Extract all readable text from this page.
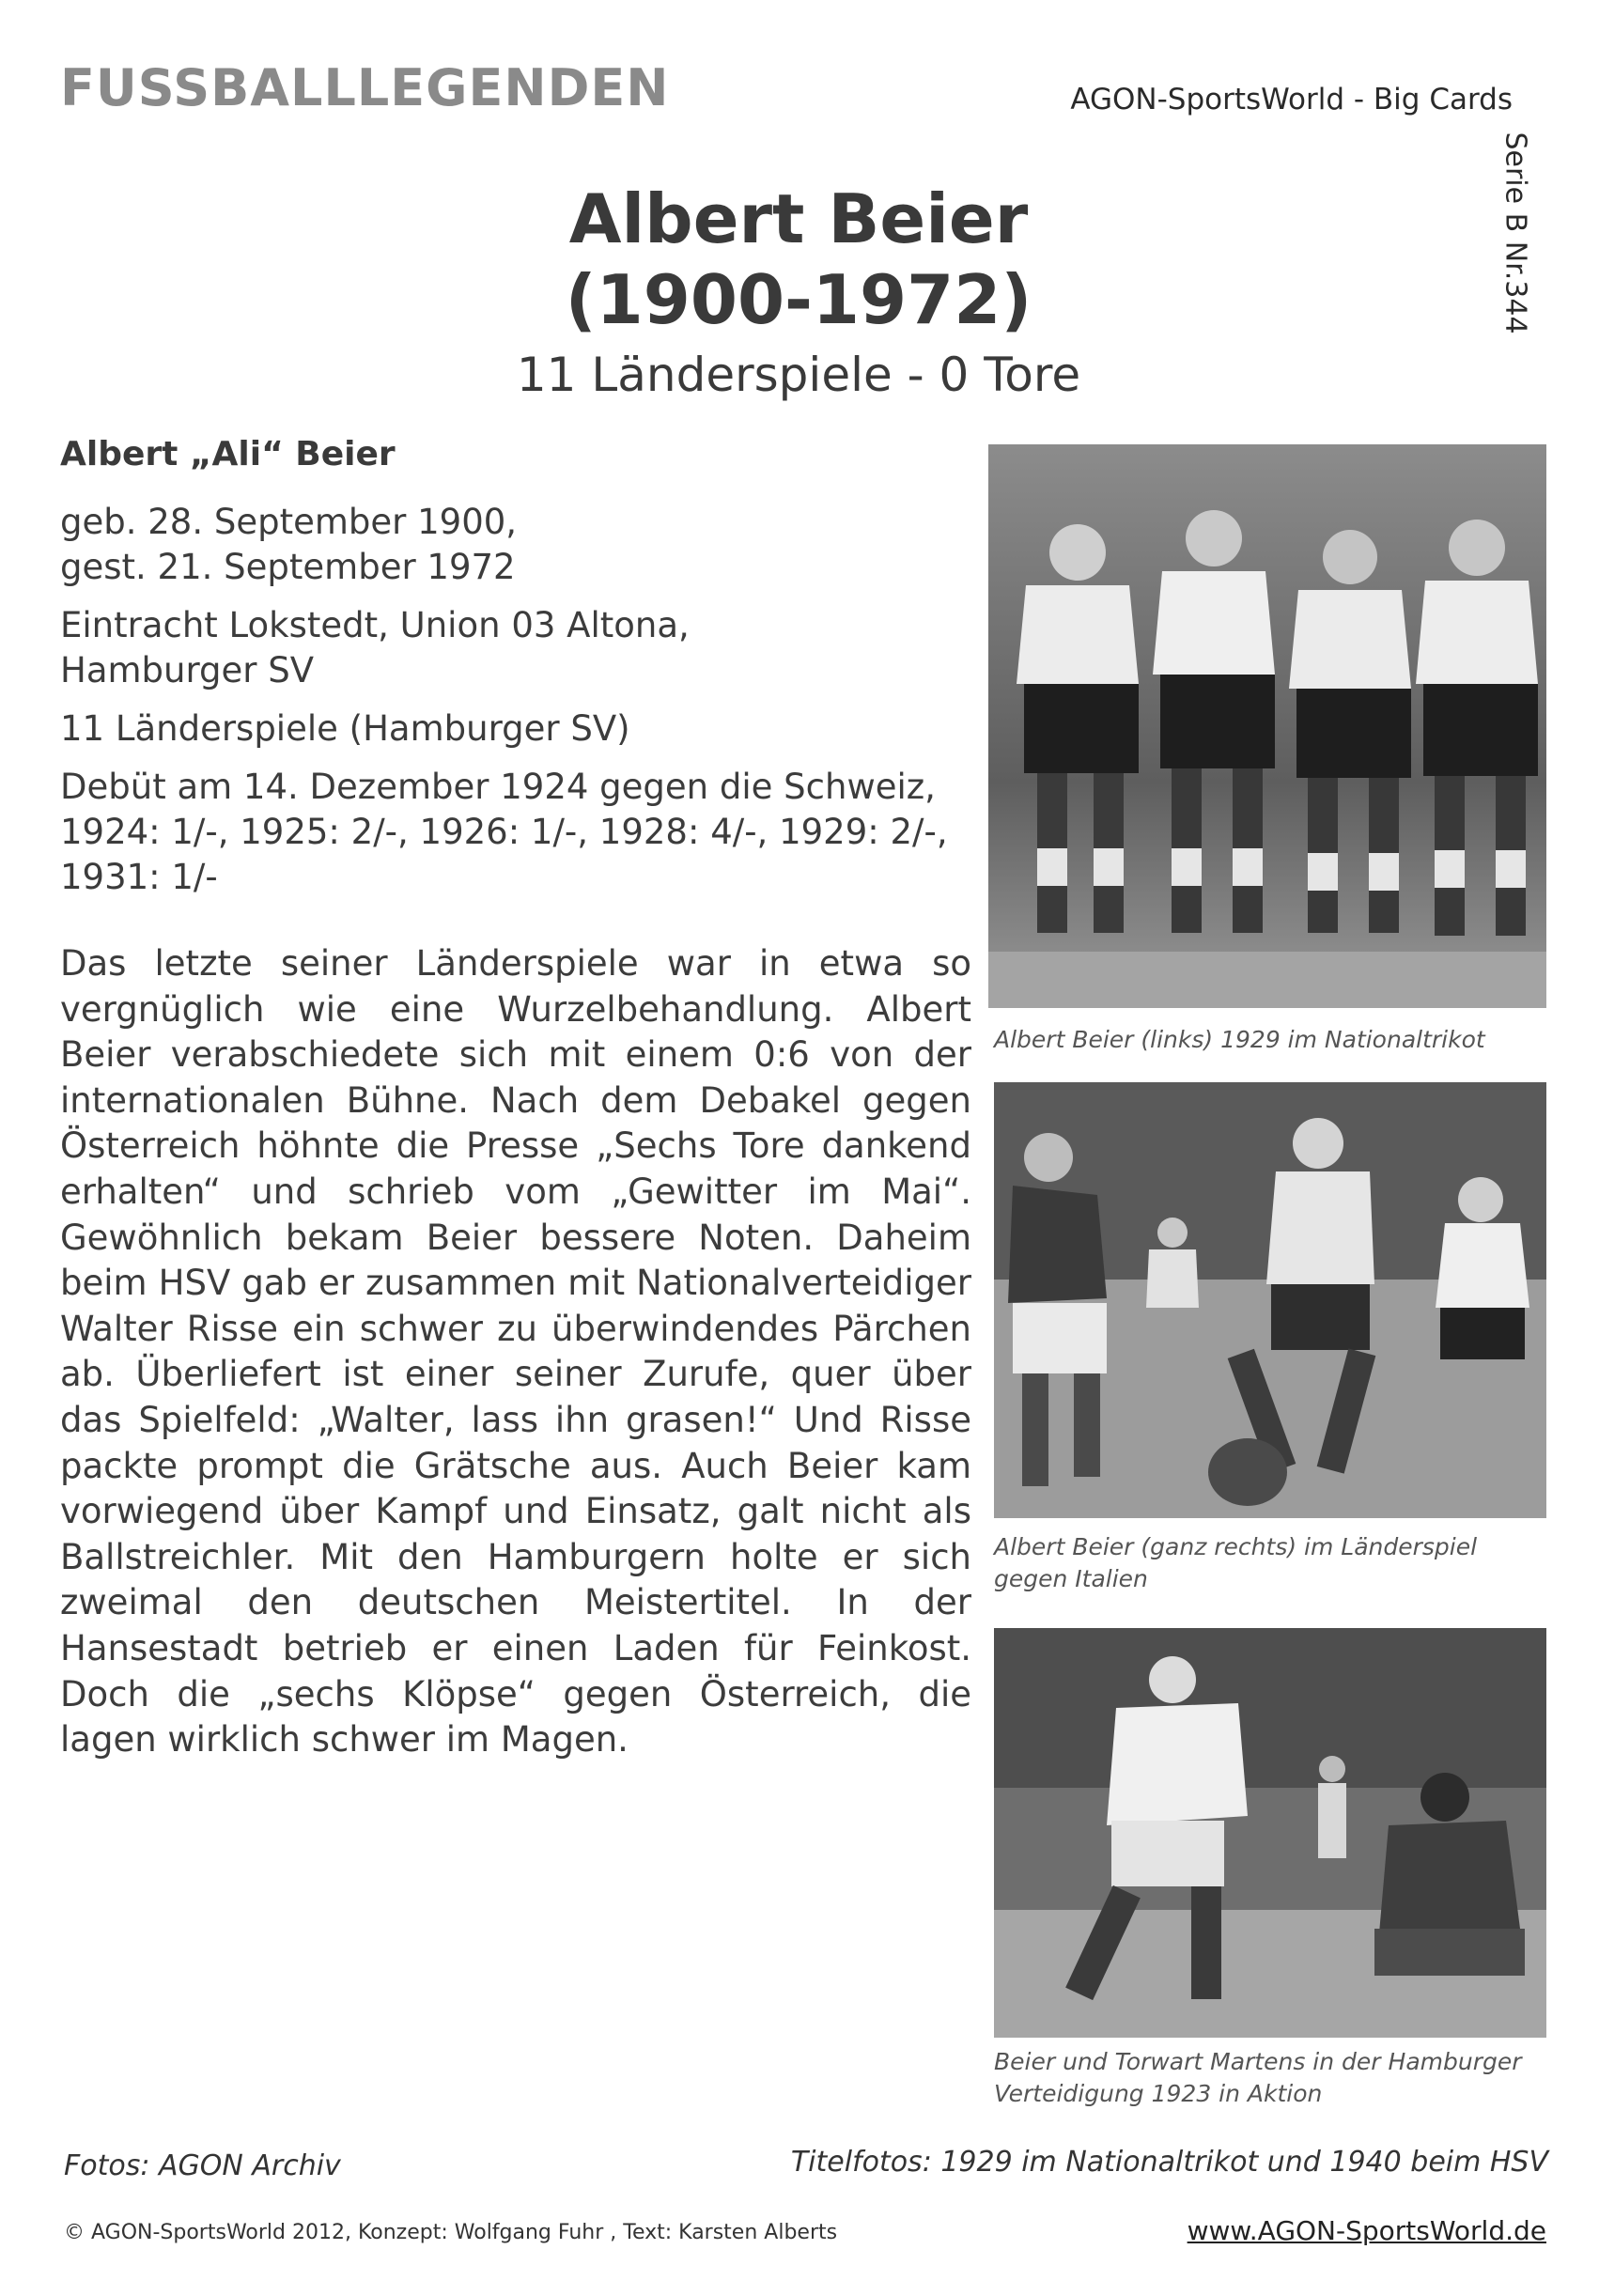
FUSSBALLLEGENDEN	AGON-SportsWorld - Big Cards
Serie B Nr.344
Albert Beier
(1900-1972)
11 Länderspiele - 0 Tore
Albert „Ali“ Beier
geb. 28. September 1900,
gest. 21. September 1972
Eintracht Lokstedt, Union 03 Altona,
Hamburger SV
11 Länderspiele (Hamburger SV)
Debüt am 14. Dezember 1924 gegen die Schweiz,
1924: 1/-, 1925: 2/-, 1926: 1/-, 1928: 4/-, 1929: 2/-,
1931: 1/-
Das letzte seiner Länderspiele war in etwa so vergnüglich wie eine Wurzelbehandlung. Albert Beier verabschiedete sich mit einem 0:6 von der internationalen Bühne. Nach dem Debakel gegen Österreich höhnte die Presse „Sechs Tore dankend erhalten“ und schrieb vom „Gewitter im Mai“. Gewöhnlich bekam Beier bessere Noten. Daheim beim HSV gab er zusammen mit Nationalverteidiger Walter Risse ein schwer zu überwindendes Pärchen ab. Überliefert ist einer seiner Zurufe, quer über das Spielfeld: „Walter, lass ihn grasen!“ Und Risse packte prompt die Grätsche aus. Auch Beier kam vorwiegend über Kampf und Einsatz, galt nicht als Ballstreichler. Mit den Hamburgern holte er sich zweimal den deutschen Meistertitel. In der Hansestadt betrieb er einen Laden für Feinkost. Doch die „sechs Klöpse“ gegen Österreich, die lagen wirklich schwer im Magen.
Albert Beier (links) 1929 im Nationaltrikot
Albert Beier (ganz rechts) im Länderspiel gegen Italien
Beier und Torwart Martens in der Hamburger Verteidigung 1923 in Aktion
Fotos: AGON Archiv	Titelfotos: 1929 im Nationaltrikot und 1940 beim HSV
© AGON-SportsWorld 2012, Konzept: Wolfgang Fuhr , Text: Karsten Alberts	www.AGON-SportsWorld.de
